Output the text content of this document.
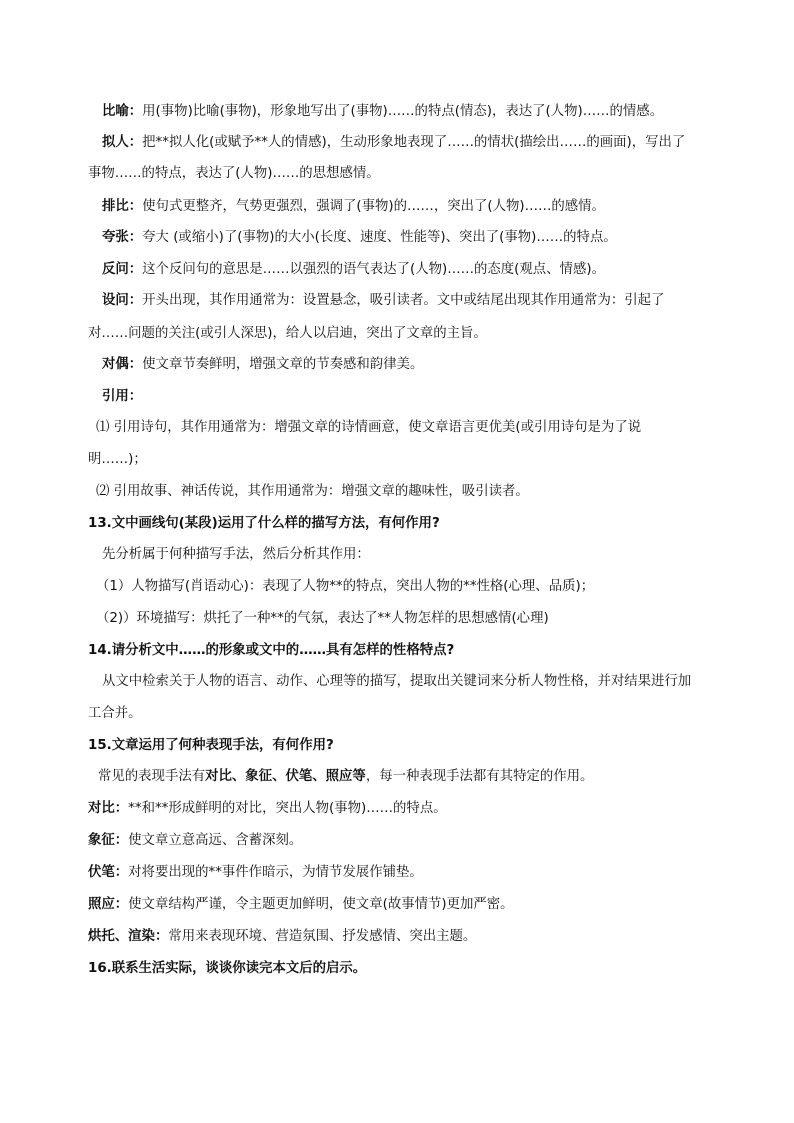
比喻：用(事物)比喻(事物)，形象地写出了(事物)……的特点(情态)，表达了(人物)……的情感。
拟人：把**拟人化(或赋予**人的情感)，生动形象地表现了……的情状(描绘出……的画面)，写出了
事物……的特点，表达了(人物)……的思想感情。
排比：使句式更整齐，气势更强烈，强调了(事物)的……，突出了(人物)……的感情。
夸张：夸大 (或缩小)了(事物)的大小(长度、速度、性能等)、突出了(事物)……的特点。
反问：这个反问句的意思是……以强烈的语气表达了(人物)……的态度(观点、情感)。
设问：开头出现，其作用通常为：设置悬念，吸引读者。文中或结尾出现其作用通常为：引起了
对……问题的关注(或引人深思)，给人以启迪，突出了文章的主旨。
对偶：使文章节奏鲜明，增强文章的节奏感和韵律美。
引用：
⑴ 引用诗句，其作用通常为：增强文章的诗情画意，使文章语言更优美(或引用诗句是为了说
明……)；
⑵ 引用故事、神话传说，其作用通常为：增强文章的趣味性，吸引读者。
13.文中画线句(某段)运用了什么样的描写方法，有何作用?
先分析属于何种描写手法，然后分析其作用：
（1）人物描写(肖语动心)：表现了人物**的特点，突出人物的**性格(心理、品质)；
（2)）环境描写：烘托了一种**的气氛，表达了**人物怎样的思想感情(心理)
14.请分析文中……的形象或文中的……具有怎样的性格特点?
从文中检索关于人物的语言、动作、心理等的描写，提取出关键词来分析人物性格，并对结果进行加
工合并。
15.文章运用了何种表现手法，有何作用?
常见的表现手法有对比、象征、伏笔、照应等，每一种表现手法都有其特定的作用。
对比：**和**形成鲜明的对比，突出人物(事物)……的特点。
象征：使文章立意高远、含蓄深刻。
伏笔：对将要出现的**事件作暗示，为情节发展作铺垫。
照应：使文章结构严谨，令主题更加鲜明，使文章(故事情节)更加严密。
烘托、渲染：常用来表现环境、营造氛围、抒发感情、突出主题。
16.联系生活实际，谈谈你读完本文后的启示。
